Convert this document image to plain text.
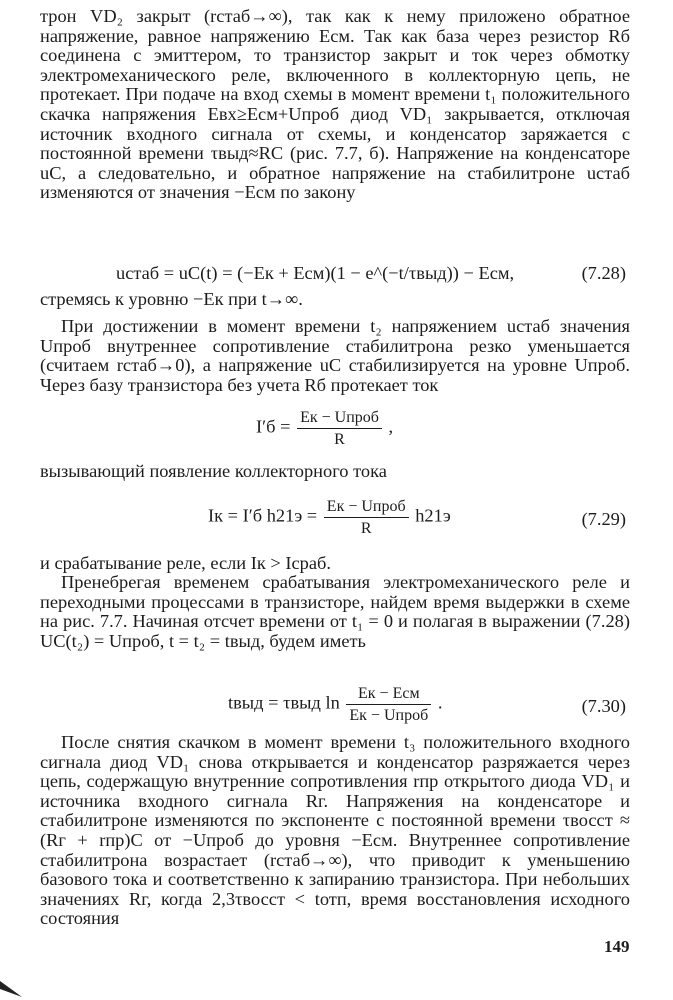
трон VD₂ закрыт (rстаб→∞), так как к нему приложено обратное напряжение, равное напряжению Eсм. Так как база через резистор Rб соединена с эмиттером, то транзистор закрыт и ток через обмотку электромеханического реле, включенного в коллекторную цепь, не протекает. При подаче на вход схемы в момент времени t₁ положительного скачка напряжения Eвх≥Eсм+Uпроб диод VD₁ закрывается, отключая источник входного сигнала от схемы, и конденсатор заряжается с постоянной времени τвыд≈RC (рис. 7.7, б). Напряжение на конденсаторе uC, а следовательно, и обратное напряжение на стабилитроне uстаб изменяются от значения −Eсм по закону

uстаб = uC(t) = (−Eк + Eсм)(1 − e^(−t/τвыд)) − Eсм,	(7.28)

стремясь к уровню −Eк при t→∞.

При достижении в момент времени t₂ напряжением uстаб значения Uпроб внутреннее сопротивление стабилитрона резко уменьшается (считаем rстаб→0), а напряжение uC стабилизируется на уровне Uпроб. Через базу транзистора без учета Rб протекает ток

$I'б = \frac{\text{Eк − Uпроб}}{R}$ ,

вызывающий появление коллекторного тока

Iк = I′б $h21э = \frac{\text{Eк − Uпроб}}{R} h21э$	(7.29)

и срабатывание реле, если Iк > Iсраб.

Пренебрегая временем срабатывания электромеханического реле и переходными процессами в транзисторе, найдем время выдержки в схеме на рис. 7.7. Начиная отсчет времени от t₁ = 0 и полагая в выражении (7.28) UC(t₂) = Uпроб, t = t₂ = tвыд, будем иметь

tвыд = τвыд $\ln \frac{\text{Eк − Eсм}}{\text{Eк − Uпроб}}$ .	(7.30)

После снятия скачком в момент времени t₃ положительного входного сигнала диод VD₁ снова открывается и конденсатор разряжается через цепь, содержащую внутренние сопротивления rпр открытого диода VD₁ и источника входного сигнала Rг. Напряжения на конденсаторе и стабилитроне изменяются по экспоненте с постоянной времени τвосст ≈ (Rг + rпр)C от −Uпроб до уровня −Eсм. Внутреннее сопротивление стабилитрона возрастает (rстаб→∞), что приводит к уменьшению базового тока и соответственно к запиранию транзистора. При небольших значениях Rг, когда 2,3τвосст < tотп, время восстановления исходного состояния

149
